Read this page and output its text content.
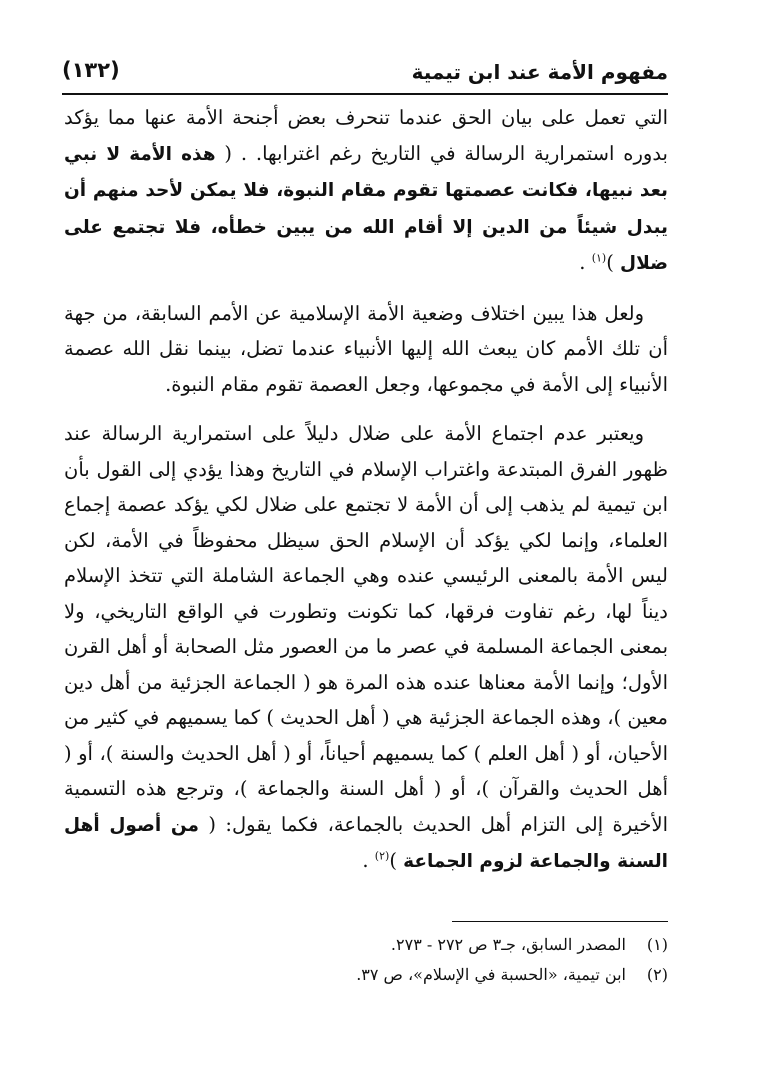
مفهوم الأمة عند ابن تيمية
(١٣٢)

التي تعمل على بيان الحق عندما تنحرف بعض أجنحة الأمة عنها مما يؤكد بدوره استمرارية الرسالة في التاريخ رغم اغترابها. . ( هذه الأمة لا نبي بعد نبيها، فكانت عصمتها تقوم مقام النبوة، فلا يمكن لأحد منهم أن يبدل شيئاً من الدين إلا أقام الله من يبين خطأه، فلا تجتمع على ضلال )$^{(١)}$ .

ولعل هذا يبين اختلاف وضعية الأمة الإسلامية عن الأمم السابقة، من جهة أن تلك الأمم كان يبعث الله إليها الأنبياء عندما تضل، بينما نقل الله عصمة الأنبياء إلى الأمة في مجموعها، وجعل العصمة تقوم مقام النبوة.

ويعتبر عدم اجتماع الأمة على ضلال دليلاً على استمرارية الرسالة عند ظهور الفرق المبتدعة واغتراب الإسلام في التاريخ وهذا يؤدي إلى القول بأن ابن تيمية لم يذهب إلى أن الأمة لا تجتمع على ضلال لكي يؤكد عصمة إجماع العلماء، وإنما لكي يؤكد أن الإسلام الحق سيظل محفوظاً في الأمة، لكن ليس الأمة بالمعنى الرئيسي عنده وهي الجماعة الشاملة التي تتخذ الإسلام ديناً لها، رغم تفاوت فرقها، كما تكونت وتطورت في الواقع التاريخي، ولا بمعنى الجماعة المسلمة في عصر ما من العصور مثل الصحابة أو أهل القرن الأول؛ وإنما الأمة معناها عنده هذه المرة هو ( الجماعة الجزئية من أهل دين معين )، وهذه الجماعة الجزئية هي ( أهل الحديث ) كما يسميهم في كثير من الأحيان، أو ( أهل العلم ) كما يسميهم أحياناً، أو ( أهل الحديث والسنة )، أو ( أهل الحديث والقرآن )، أو ( أهل السنة والجماعة )، وترجع هذه التسمية الأخيرة إلى التزام أهل الحديث بالجماعة، فكما يقول: ( من أصول أهل السنة والجماعة لزوم الجماعة )$^{(٢)}$ .

(١)
المصدر السابق، جـ٣ ص ٢٧٢ - ٢٧٣.
(٢)
ابن تيمية، «الحسبة في الإسلام»، ص ٣٧.
